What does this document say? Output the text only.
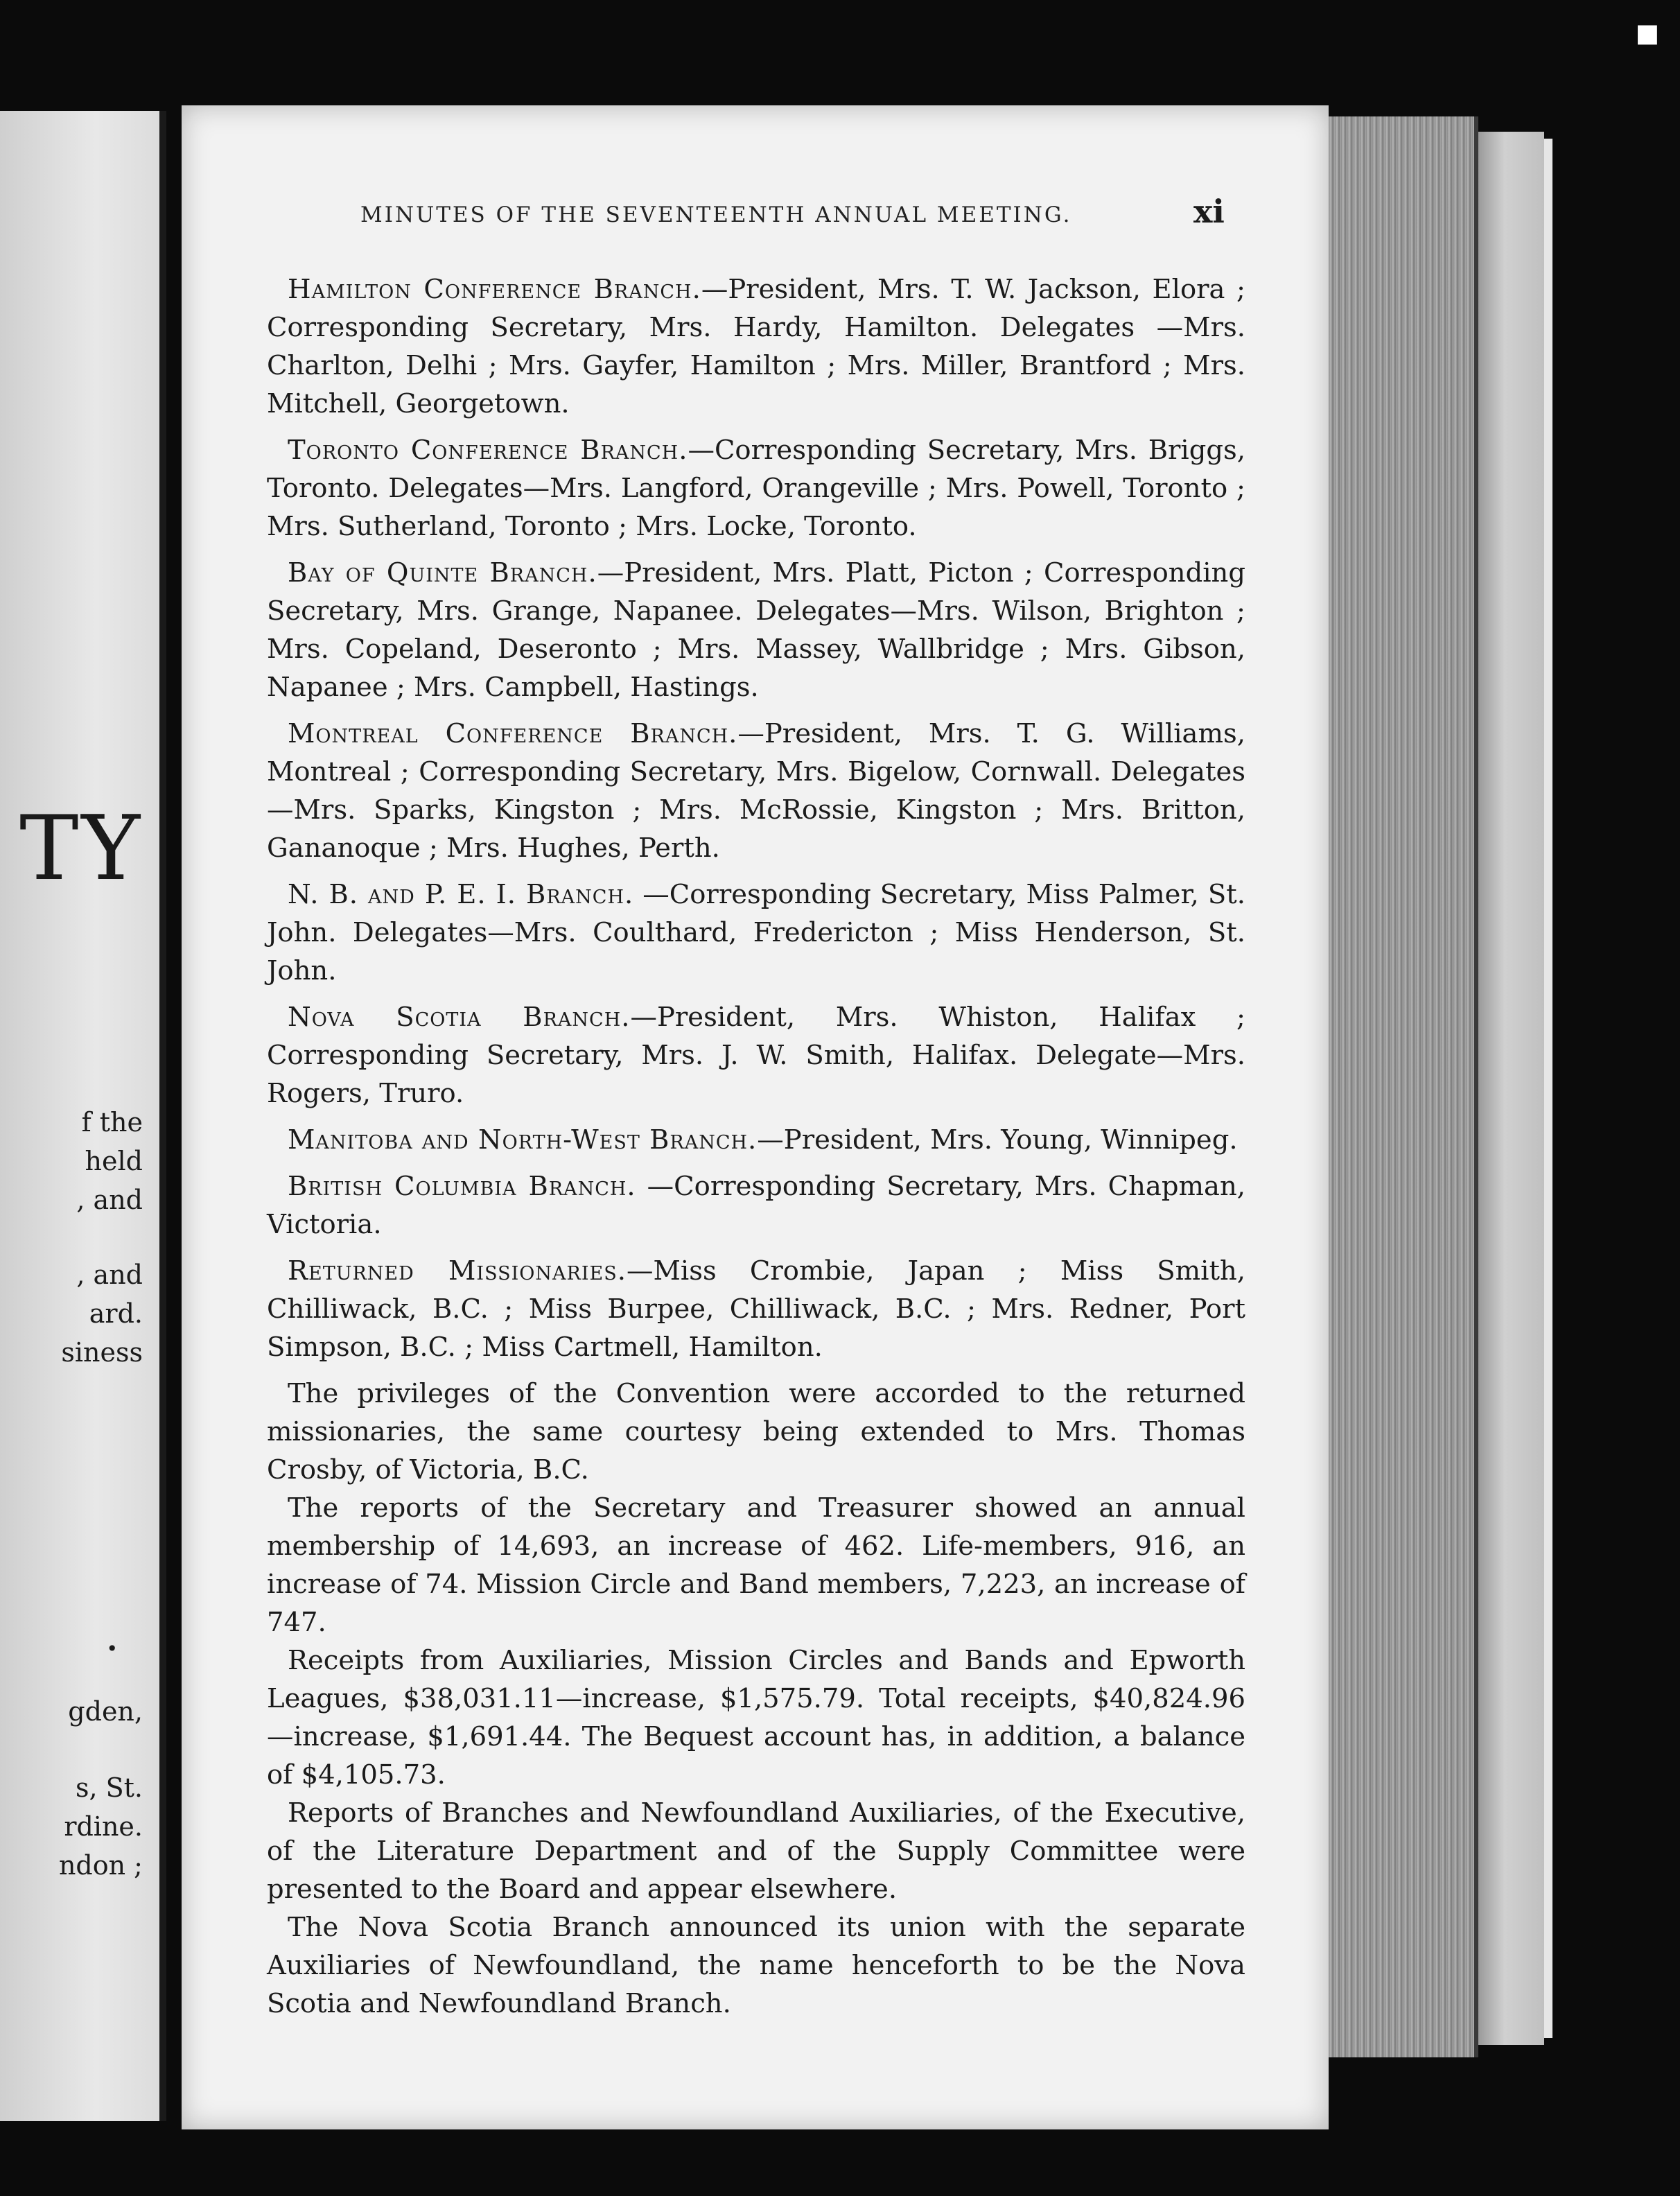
TY
f the
held
, and
, and
ard.
siness
•
gden,
s, St.
rdine.
ndon ;
▪
MINUTES OF THE SEVENTEENTH ANNUAL MEETING.	xi

Hamilton Conference Branch.—President, Mrs. T. W. Jackson, Elora ; Corresponding Secretary, Mrs. Hardy, Hamilton. Delegates —Mrs. Charlton, Delhi ; Mrs. Gayfer, Hamilton ; Mrs. Miller, Brantford ; Mrs. Mitchell, Georgetown.

Toronto Conference Branch.—Corresponding Secretary, Mrs. Briggs, Toronto. Delegates—Mrs. Langford, Orangeville ; Mrs. Powell, Toronto ; Mrs. Sutherland, Toronto ; Mrs. Locke, Toronto.

Bay of Quinte Branch.—President, Mrs. Platt, Picton ; Corresponding Secretary, Mrs. Grange, Napanee. Delegates—Mrs. Wilson, Brighton ; Mrs. Copeland, Deseronto ; Mrs. Massey, Wallbridge ; Mrs. Gibson, Napanee ; Mrs. Campbell, Hastings.

Montreal Conference Branch.—President, Mrs. T. G. Williams, Montreal ; Corresponding Secretary, Mrs. Bigelow, Cornwall. Delegates—Mrs. Sparks, Kingston ; Mrs. McRossie, Kingston ; Mrs. Britton, Gananoque ; Mrs. Hughes, Perth.

N. B. and P. E. I. Branch. —Corresponding Secretary, Miss Palmer, St. John. Delegates—Mrs. Coulthard, Fredericton ; Miss Henderson, St. John.

Nova Scotia Branch.—President, Mrs. Whiston, Halifax ; Corresponding Secretary, Mrs. J. W. Smith, Halifax. Delegate—Mrs. Rogers, Truro.

Manitoba and North-West Branch.—President, Mrs. Young, Winnipeg.

British Columbia Branch. —Corresponding Secretary, Mrs. Chapman, Victoria.

Returned Missionaries.—Miss Crombie, Japan ; Miss Smith, Chilliwack, B.C. ; Miss Burpee, Chilliwack, B.C. ; Mrs. Redner, Port Simpson, B.C. ; Miss Cartmell, Hamilton.

The privileges of the Convention were accorded to the returned missionaries, the same courtesy being extended to Mrs. Thomas Crosby, of Victoria, B.C.

The reports of the Secretary and Treasurer showed an annual membership of 14,693, an increase of 462. Life-members, 916, an increase of 74. Mission Circle and Band members, 7,223, an increase of 747.

Receipts from Auxiliaries, Mission Circles and Bands and Epworth Leagues, $38,031.11—increase, $1,575.79. Total receipts, $40,824.96 —increase, $1,691.44. The Bequest account has, in addition, a balance of $4,105.73.

Reports of Branches and Newfoundland Auxiliaries, of the Executive, of the Literature Department and of the Supply Committee were presented to the Board and appear elsewhere.

The Nova Scotia Branch announced its union with the separate Auxiliaries of Newfoundland, the name henceforth to be the Nova Scotia and Newfoundland Branch.
